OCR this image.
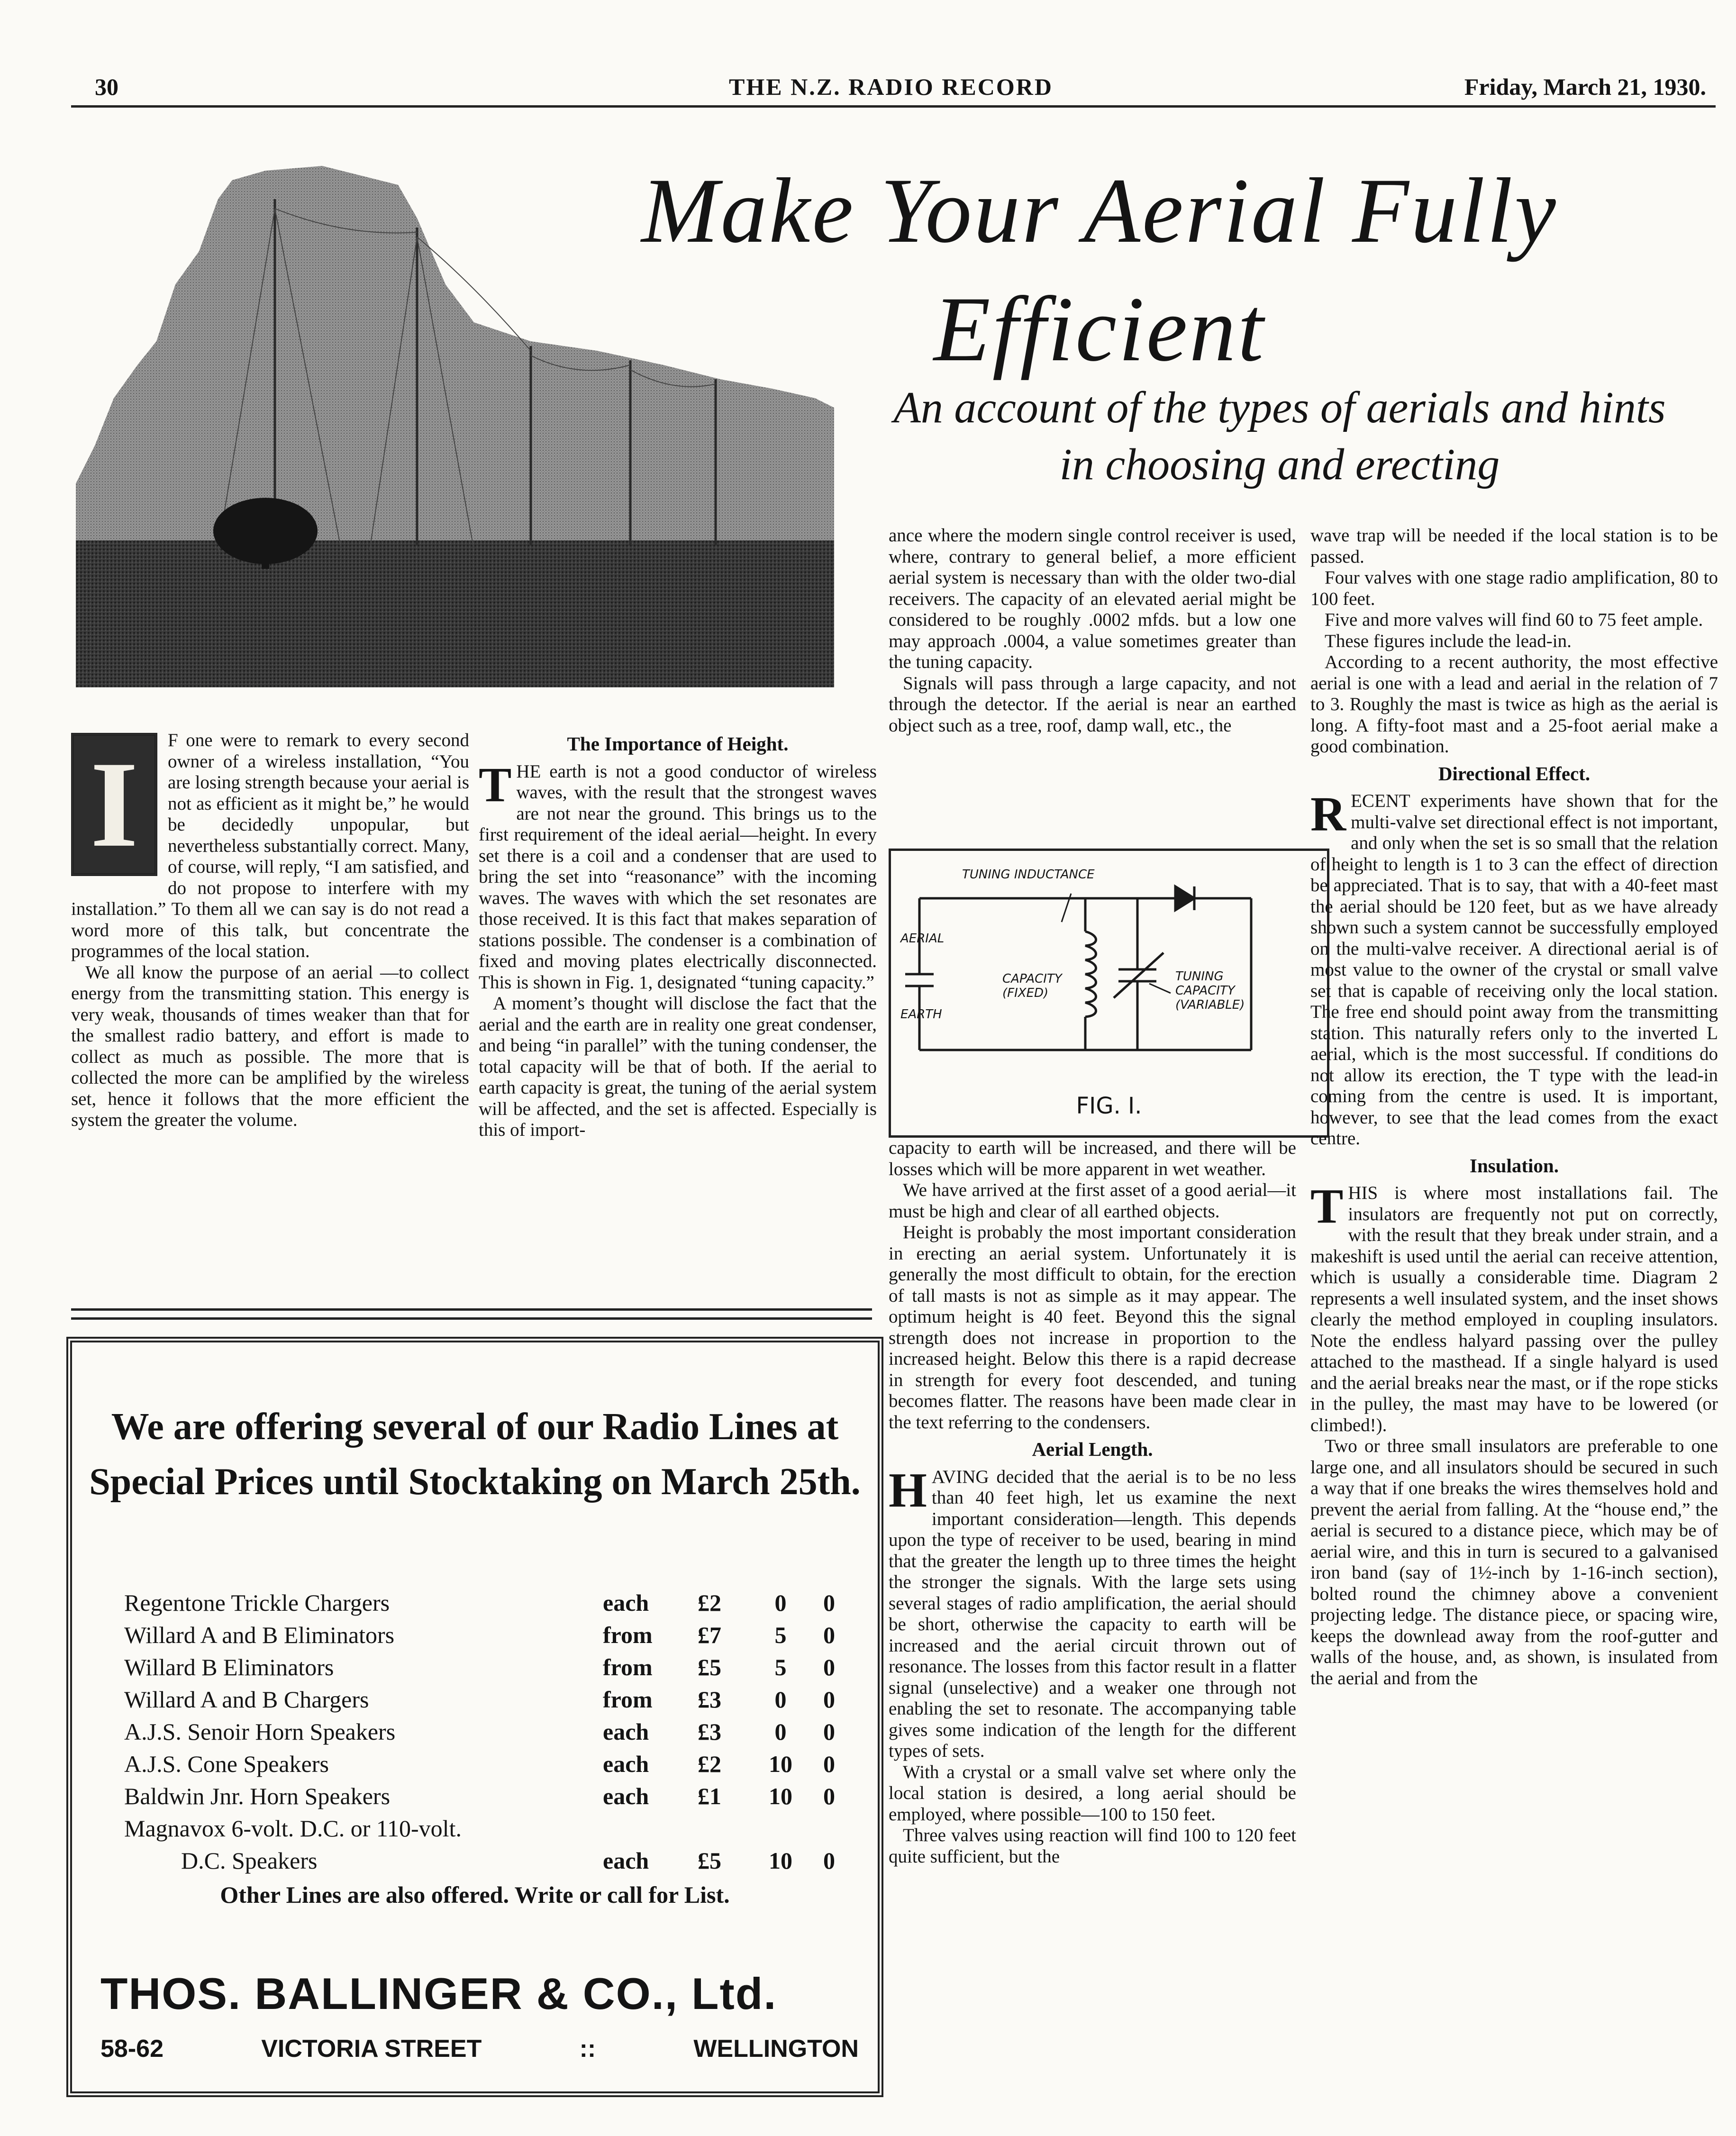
30	THE N.Z. RADIO RECORD	Friday, March 21, 1930.
Make Your Aerial Fully Efficient
An account of the types of aerials and hints in choosing and erecting
I	F one were to remark to every second owner of a wireless installation, “You are losing strength because your aerial is not as efficient as it might be,” he would be decidedly unpopular, but nevertheless substantially correct. Many, of course, will reply, “I am satisfied, and do not propose to interfere with my installation.” To them all we can say is do not read a word more of this talk, but concentrate the programmes of the local station.

We all know the purpose of an aerial —to collect energy from the transmitting station. This energy is very weak, thousands of times weaker than that for the smallest radio battery, and effort is made to collect as much as possible. The more that is collected the more can be amplified by the wireless set, hence it follows that the more efficient the system the greater the volume.

The Importance of Height.
T HE earth is not a good conductor of wireless waves, with the result that the strongest waves are not near the ground. This brings us to the first requirement of the ideal aerial—height. In every set there is a coil and a condenser that are used to bring the set into “reasonance” with the incoming waves. The waves with which the set resonates are those received. It is this fact that makes separation of stations possible. The condenser is a combination of fixed and moving plates electrically disconnected. This is shown in Fig. 1, designated “tuning capacity.”

A moment’s thought will disclose the fact that the aerial and the earth are in reality one great condenser, and being “in parallel” with the tuning condenser, the total capacity will be that of both. If the aerial to earth capacity is great, the tuning of the aerial system will be affected, and the set is affected. Especially is this of import-

ance where the modern single control receiver is used, where, contrary to general belief, a more efficient aerial system is necessary than with the older two-dial receivers. The capacity of an elevated aerial might be considered to be roughly .0002 mfds. but a low one may approach .0004, a value sometimes greater than the tuning capacity.

Signals will pass through a large capacity, and not through the detector. If the aerial is near an earthed object such as a tree, roof, damp wall, etc., the

TUNING INDUCTANCE
AERIAL
EARTH
CAPACITY (FIXED)
TUNING CAPACITY (VARIABLE)
FIG. I.

capacity to earth will be increased, and there will be losses which will be more apparent in wet weather.

We have arrived at the first asset of a good aerial—it must be high and clear of all earthed objects.

Height is probably the most important consideration in erecting an aerial system. Unfortunately it is generally the most difficult to obtain, for the erection of tall masts is not as simple as it may appear. The optimum height is 40 feet. Beyond this the signal strength does not increase in proportion to the increased height. Below this there is a rapid decrease in strength for every foot descended, and tuning becomes flatter. The reasons have been made clear in the text referring to the condensers.

Aerial Length.
H AVING decided that the aerial is to be no less than 40 feet high, let us examine the next important consideration—length. This depends upon the type of receiver to be used, bearing in mind that the greater the length up to three times the height the stronger the signals. With the large sets using several stages of radio amplification, the aerial should be short, otherwise the capacity to earth will be increased and the aerial circuit thrown out of resonance. The losses from this factor result in a flatter signal (unselective) and a weaker one through not enabling the set to resonate. The accompanying table gives some indication of the length for the different types of sets.

With a crystal or a small valve set where only the local station is desired, a long aerial should be employed, where possible—100 to 150 feet.

Three valves using reaction will find 100 to 120 feet quite sufficient, but the

wave trap will be needed if the local station is to be passed.

Four valves with one stage radio amplification, 80 to 100 feet.

Five and more valves will find 60 to 75 feet ample.

These figures include the lead-in.

According to a recent authority, the most effective aerial is one with a lead and aerial in the relation of 7 to 3. Roughly the mast is twice as high as the aerial is long. A fifty-foot mast and a 25-foot aerial make a good combination.

Directional Effect.
R ECENT experiments have shown that for the multi-valve set directional effect is not important, and only when the set is so small that the relation of height to length is 1 to 3 can the effect of direction be appreciated. That is to say, that with a 40-feet mast the aerial should be 120 feet, but as we have already shown such a system cannot be successfully employed on the multi-valve receiver. A directional aerial is of most value to the owner of the crystal or small valve set that is capable of receiving only the local station. The free end should point away from the transmitting station. This naturally refers only to the inverted L aerial, which is the most successful. If conditions do not allow its erection, the T type with the lead-in coming from the centre is used. It is important, however, to see that the lead comes from the exact centre.

Insulation.
T HIS is where most installations fail. The insulators are frequently not put on correctly, with the result that they break under strain, and a makeshift is used until the aerial can receive attention, which is usually a considerable time. Diagram 2 represents a well insulated system, and the inset shows clearly the method employed in coupling insulators. Note the endless halyard passing over the pulley attached to the masthead. If a single halyard is used and the aerial breaks near the mast, or if the rope sticks in the pulley, the mast may have to be lowered (or climbed!).

Two or three small insulators are preferable to one large one, and all insulators should be secured in such a way that if one breaks the wires themselves hold and prevent the aerial from falling. At the “house end,” the aerial is secured to a distance piece, which may be of aerial wire, and this in turn is secured to a galvanised iron band (say of 1½-inch by 1-16-inch section), bolted round the chimney above a convenient projecting ledge. The distance piece, or spacing wire, keeps the downlead away from the roof-gutter and walls of the house, and, as shown, is insulated from the aerial and from the

We are offering several of our Radio Lines at Special Prices until Stocktaking on March 25th.
Regentone Trickle Chargers	each	£2	0	0
Willard A and B Eliminators	from	£7	5	0
Willard B Eliminators	from	£5	5	0
Willard A and B Chargers	from	£3	0	0
A.J.S. Senoir Horn Speakers	each	£3	0	0
A.J.S. Cone Speakers	each	£2	10	0
Baldwin Jnr. Horn Speakers	each	£1	10	0
Magnavox 6-volt. D.C. or 110-volt.
D.C. Speakers	each	£5	10	0
Other Lines are also offered. Write or call for List.
THOS. BALLINGER & CO., Ltd.
58-62	VICTORIA STREET	::	WELLINGTON
